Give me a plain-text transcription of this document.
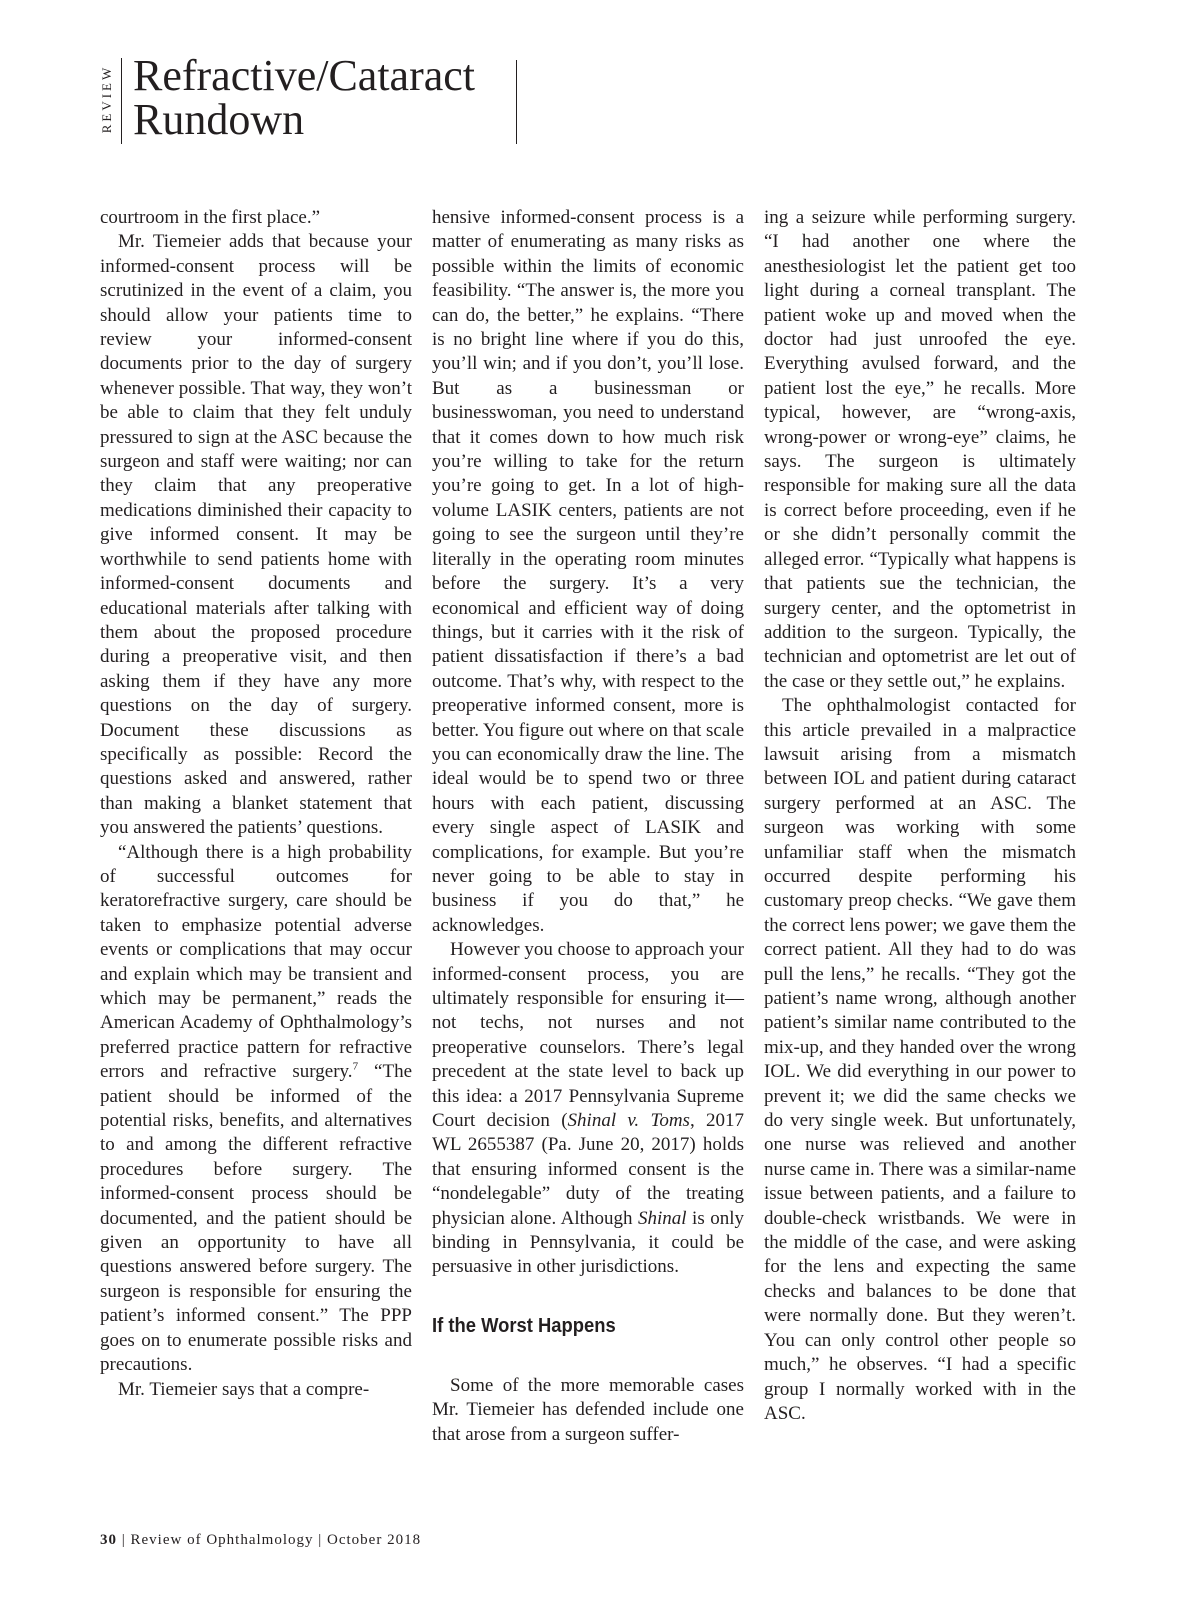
REVIEW Refractive/Cataract
Rundown

courtroom in the first place.”

Mr. Tiemeier adds that because your informed-consent process will be scrutinized in the event of a claim, you should allow your patients time to review your informed-consent documents prior to the day of surgery whenever possible. That way, they won’t be able to claim that they felt unduly pressured to sign at the ASC because the surgeon and staff were waiting; nor can they claim that any preoperative medications diminished their capacity to give informed consent. It may be worthwhile to send patients home with informed-consent documents and educational materials after talking with them about the proposed procedure during a preoperative visit, and then asking them if they have any more questions on the day of surgery. Document these discussions as specifically as possible: Record the questions asked and answered, rather than making a blanket statement that you answered the patients’ questions.

“Although there is a high probability of successful outcomes for keratorefractive surgery, care should be taken to emphasize potential adverse events or complications that may occur and explain which may be transient and which may be permanent,” reads the American Academy of Ophthalmology’s preferred practice pattern for refractive errors and refractive surgery.$^7$ “The patient should be informed of the potential risks, benefits, and alternatives to and among the different refractive procedures before surgery. The informed-consent process should be documented, and the patient should be given an opportunity to have all questions answered before surgery. The surgeon is responsible for ensuring the patient’s informed consent.” The PPP goes on to enumerate possible risks and precautions.

Mr. Tiemeier says that a compre-

hensive informed-consent process is a matter of enumerating as many risks as possible within the limits of economic feasibility. “The answer is, the more you can do, the better,” he explains. “There is no bright line where if you do this, you’ll win; and if you don’t, you’ll lose. But as a businessman or businesswoman, you need to understand that it comes down to how much risk you’re willing to take for the return you’re going to get. In a lot of high-volume LASIK centers, patients are not going to see the surgeon until they’re literally in the operating room minutes before the surgery. It’s a very economical and efficient way of doing things, but it carries with it the risk of patient dissatisfaction if there’s a bad outcome. That’s why, with respect to the preoperative informed consent, more is better. You figure out where on that scale you can economically draw the line. The ideal would be to spend two or three hours with each patient, discussing every single aspect of LASIK and complications, for example. But you’re never going to be able to stay in business if you do that,” he acknowledges.

However you choose to approach your informed-consent process, you are ultimately responsible for ensuring it—not techs, not nurses and not preoperative counselors. There’s legal precedent at the state level to back up this idea: a 2017 Pennsylvania Supreme Court decision (Shinal v. Toms, 2017 WL 2655387 (Pa. June 20, 2017) holds that ensuring informed consent is the “nondelegable” duty of the treating physician alone. Although Shinal is only binding in Pennsylvania, it could be persuasive in other jurisdictions.

If the Worst Happens

Some of the more memorable cases Mr. Tiemeier has defended include one that arose from a surgeon suffer-

ing a seizure while performing surgery. “I had another one where the anesthesiologist let the patient get too light during a corneal transplant. The patient woke up and moved when the doctor had just unroofed the eye. Everything avulsed forward, and the patient lost the eye,” he recalls. More typical, however, are “wrong-axis, wrong-power or wrong-eye” claims, he says. The surgeon is ultimately responsible for making sure all the data is correct before proceeding, even if he or she didn’t personally commit the alleged error. “Typically what happens is that patients sue the technician, the surgery center, and the optometrist in addition to the surgeon. Typically, the technician and optometrist are let out of the case or they settle out,” he explains.

The ophthalmologist contacted for this article prevailed in a malpractice lawsuit arising from a mismatch between IOL and patient during cataract surgery performed at an ASC. The surgeon was working with some unfamiliar staff when the mismatch occurred despite performing his customary preop checks. “We gave them the correct lens power; we gave them the correct patient. All they had to do was pull the lens,” he recalls. “They got the patient’s name wrong, although another patient’s similar name contributed to the mix-up, and they handed over the wrong IOL. We did everything in our power to prevent it; we did the same checks we do very single week. But unfortunately, one nurse was relieved and another nurse came in. There was a similar-name issue between patients, and a failure to double-check wristbands. We were in the middle of the case, and were asking for the lens and expecting the same checks and balances to be done that were normally done. But they weren’t. You can only control other people so much,” he observes. “I had a specific group I normally worked with in the ASC.

30 | Review of Ophthalmology | October 2018
